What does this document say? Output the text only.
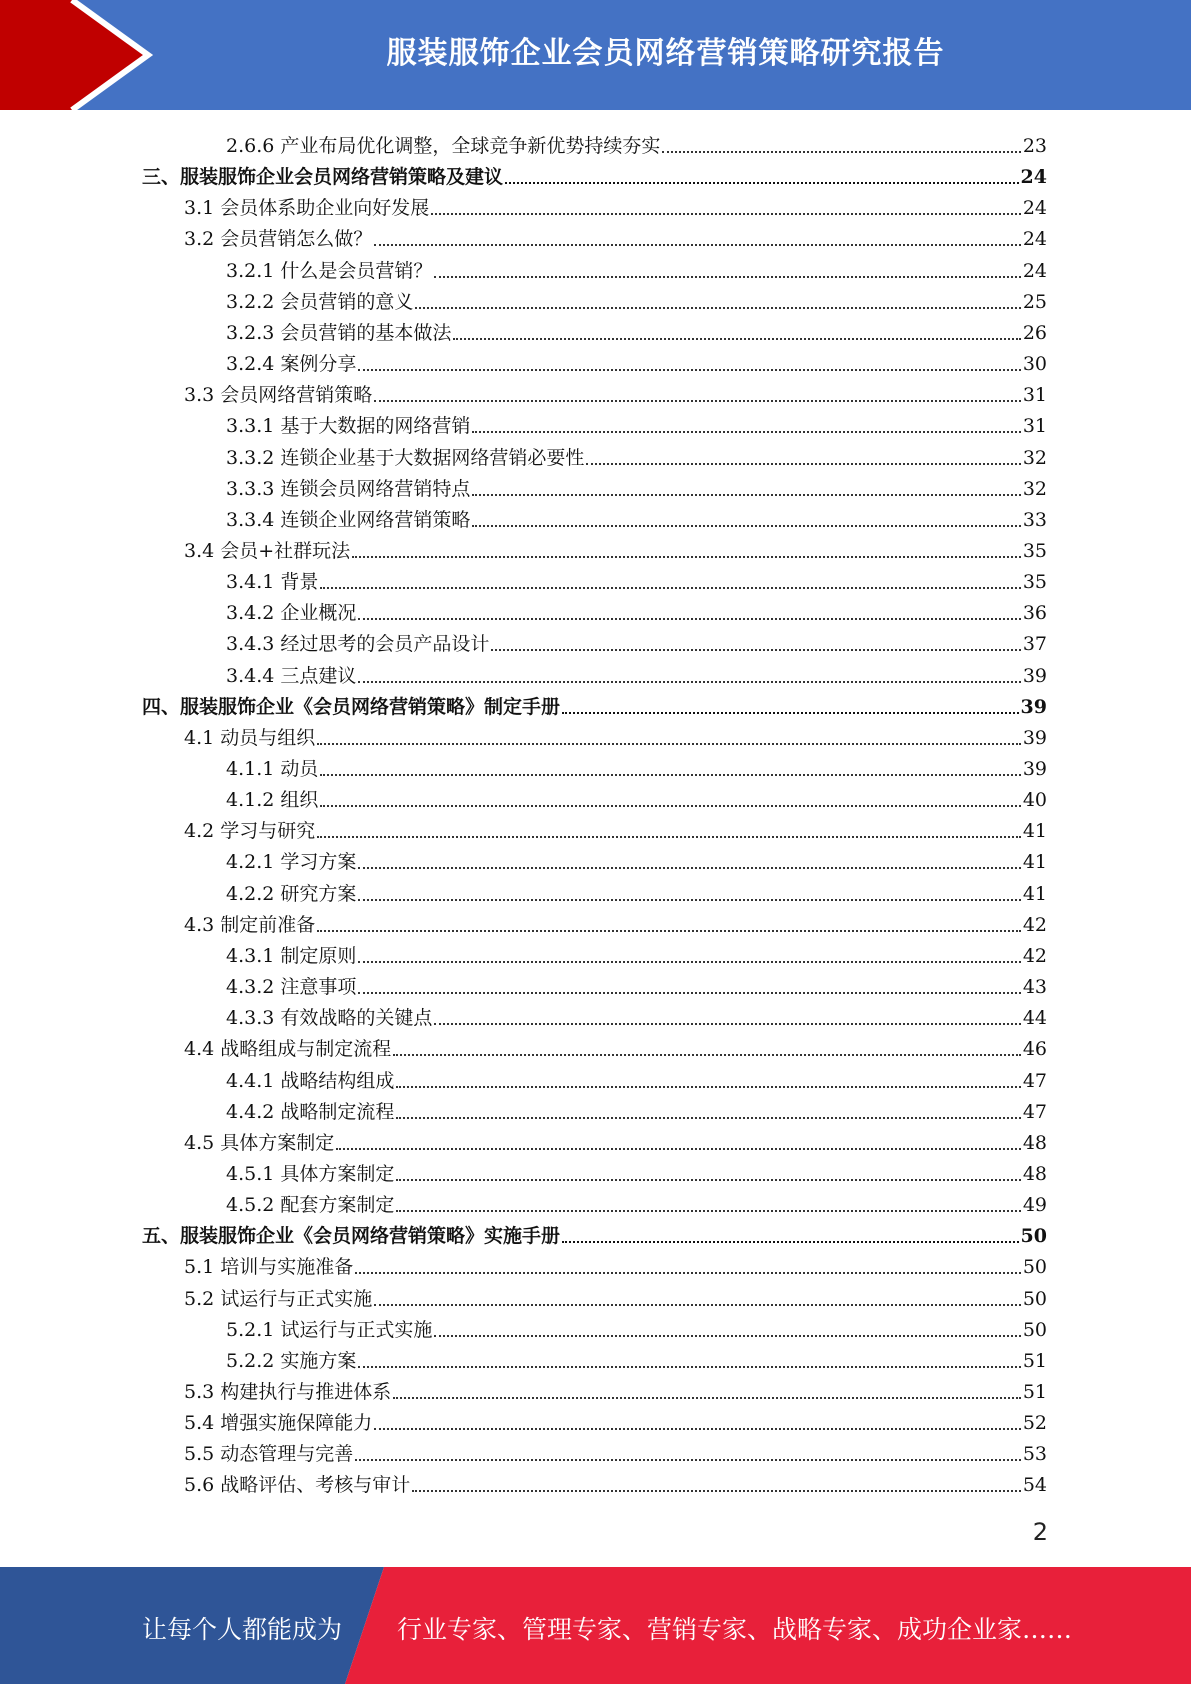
服装服饰企业会员网络营销策略研究报告
2.6.6 产业布局优化调整，全球竞争新优势持续夯实	23
三、服装服饰企业会员网络营销策略及建议	24
3.1 会员体系助企业向好发展	24
3.2 会员营销怎么做？	24
3.2.1 什么是会员营销？	24
3.2.2 会员营销的意义	25
3.2.3 会员营销的基本做法	26
3.2.4 案例分享	30
3.3 会员网络营销策略	31
3.3.1 基于大数据的网络营销	31
3.3.2 连锁企业基于大数据网络营销必要性	32
3.3.3 连锁会员网络营销特点	32
3.3.4 连锁企业网络营销策略	33
3.4 会员+社群玩法	35
3.4.1 背景	35
3.4.2 企业概况	36
3.4.3 经过思考的会员产品设计	37
3.4.4 三点建议	39
四、服装服饰企业《会员网络营销策略》制定手册	39
4.1 动员与组织	39
4.1.1 动员	39
4.1.2 组织	40
4.2 学习与研究	41
4.2.1 学习方案	41
4.2.2 研究方案	41
4.3 制定前准备	42
4.3.1 制定原则	42
4.3.2 注意事项	43
4.3.3 有效战略的关键点	44
4.4 战略组成与制定流程	46
4.4.1 战略结构组成	47
4.4.2 战略制定流程	47
4.5 具体方案制定	48
4.5.1 具体方案制定	48
4.5.2 配套方案制定	49
五、服装服饰企业《会员网络营销策略》实施手册	50
5.1 培训与实施准备	50
5.2 试运行与正式实施	50
5.2.1 试运行与正式实施	50
5.2.2 实施方案	51
5.3 构建执行与推进体系	51
5.4 增强实施保障能力	52
5.5 动态管理与完善	53
5.6 战略评估、考核与审计	54
2
让每个人都能成为 行业专家、管理专家、营销专家、战略专家、成功企业家……
